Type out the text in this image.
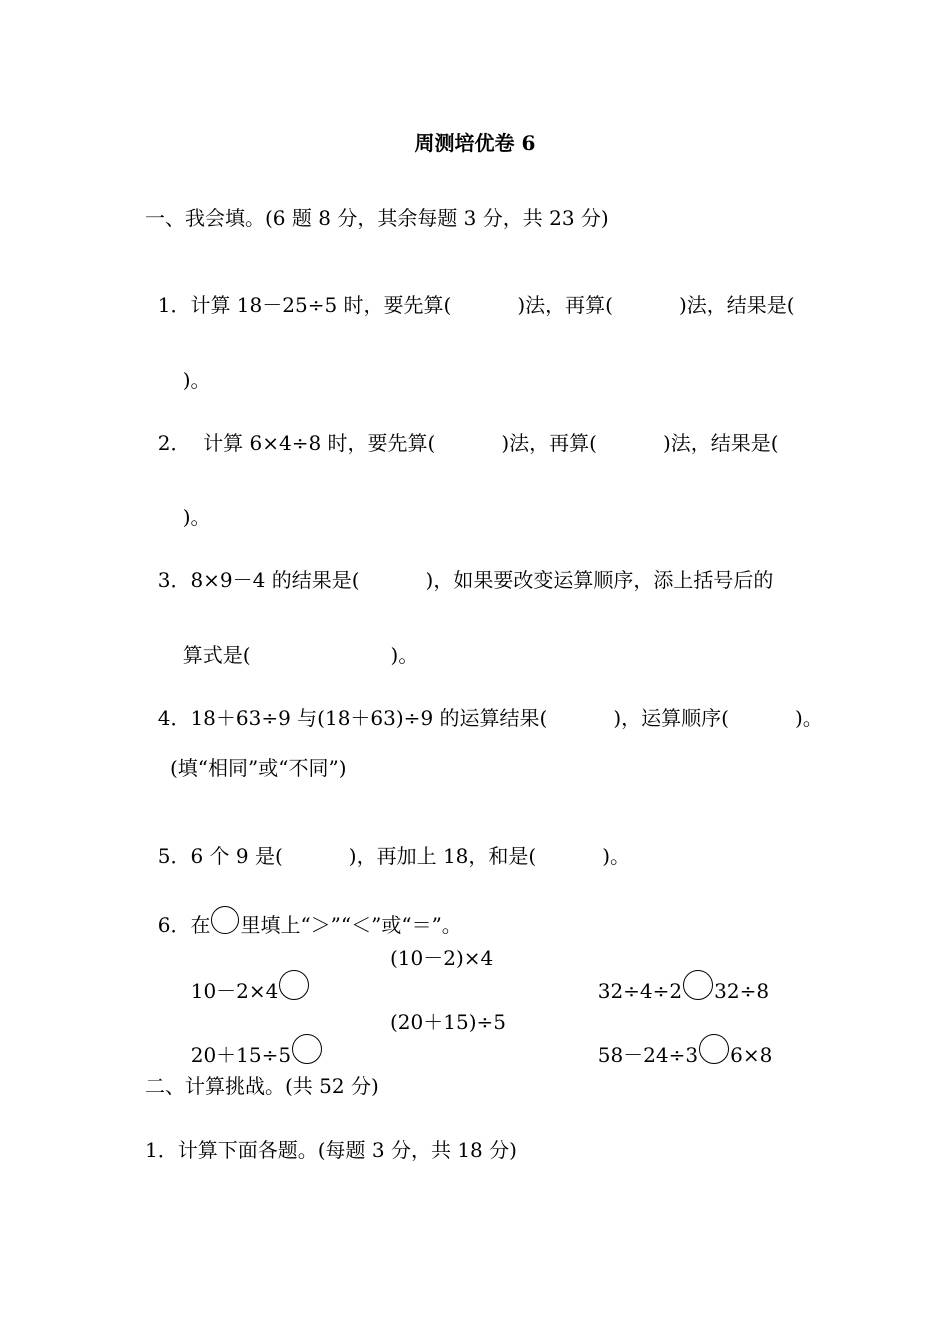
周测培优卷 6
一、我会填。(6 题 8 分，其余每题 3 分，共 23 分)

1．计算 18－25÷5 时，要先算(	)法，再算(	)法，结果是(

)。

2．  计算 6×4÷8 时，要先算(	)法，再算(	)法，结果是(

)。

3．8×9－4 的结果是(	)，如果要改变运算顺序，添上括号后的

算式是(	)。

4．18＋63÷9 与(18＋63)÷9 的运算结果(	)，运算顺序(	)。

(填“相同”或“不同”)

5．6 个 9 是(	)，再加上 18，和是(	)。

6．在 里填上“＞”“＜”或“＝”。

10－2×4

(10－2)×4

32÷4÷2 32÷8

20＋15÷5

(20＋15)÷5

58－24÷3 6×8

二、计算挑战。(共 52 分)
1．计算下面各题。(每题 3 分，共 18 分)
